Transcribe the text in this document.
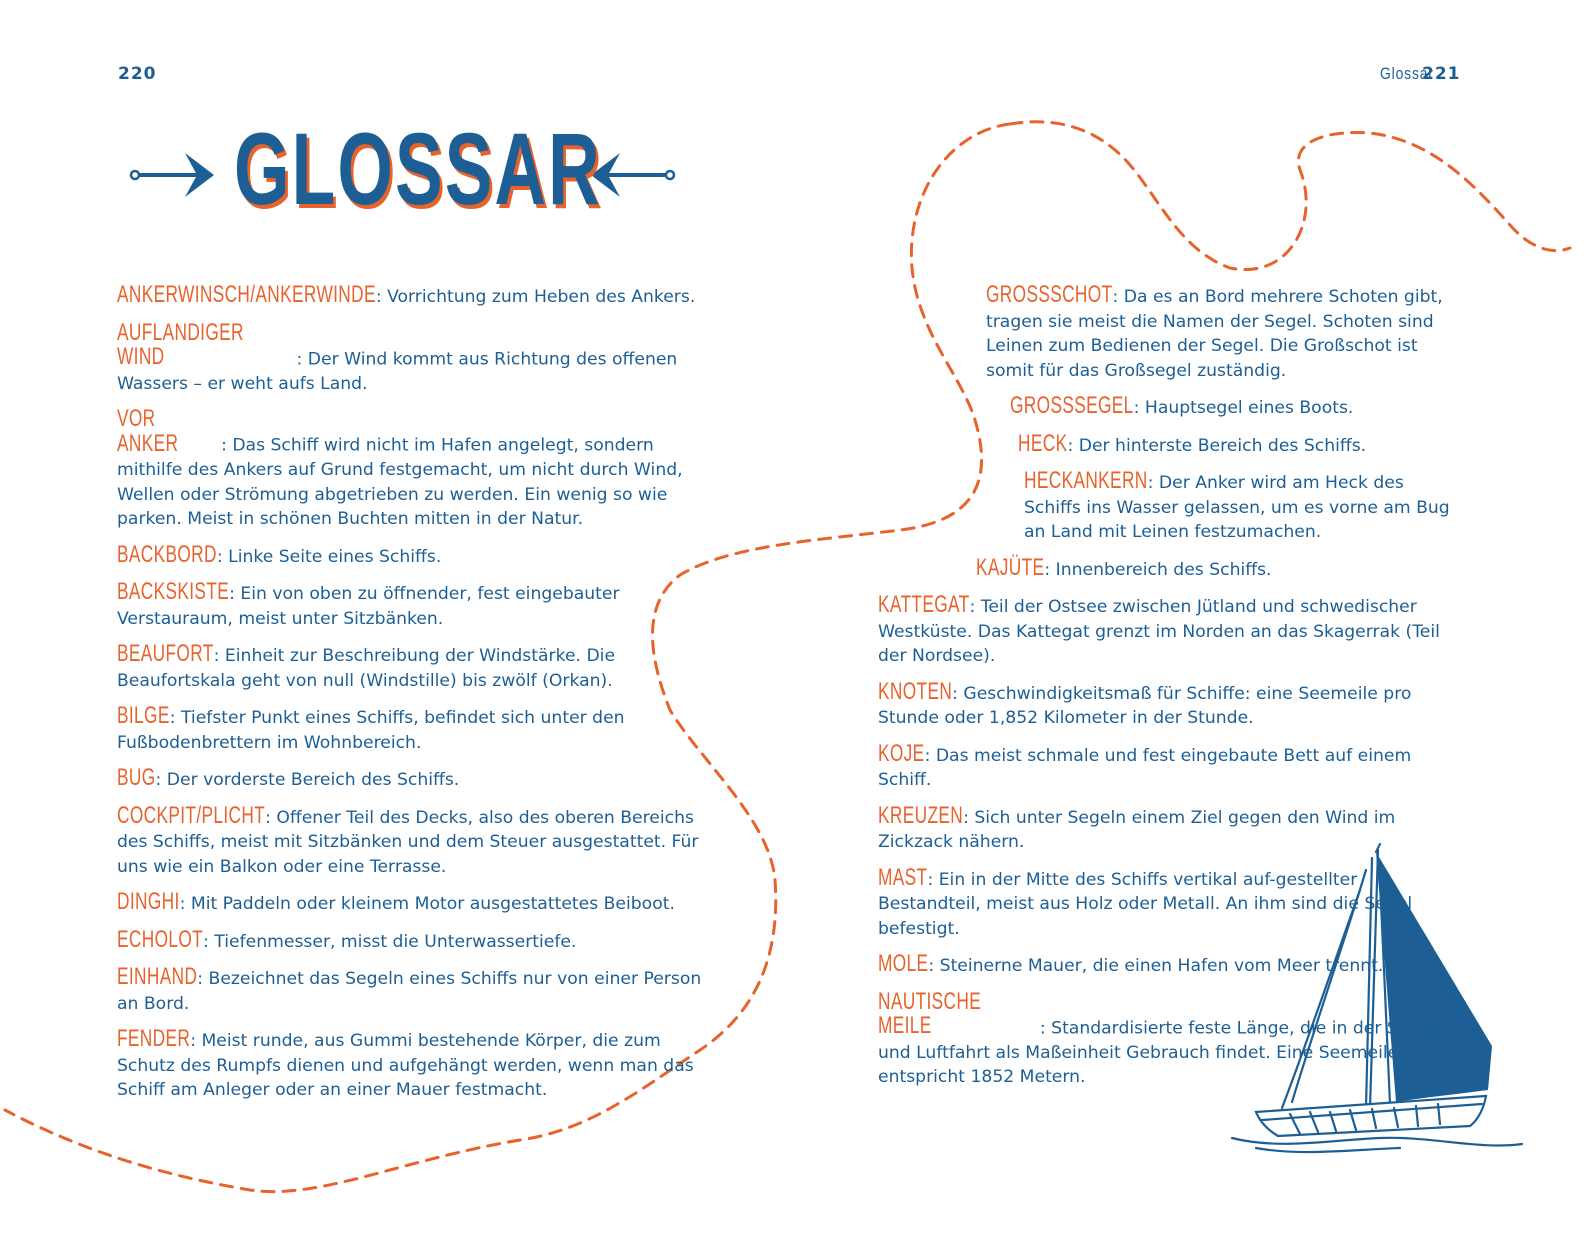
220	Glossar
221
GLOSSAR
ANKERWINSCH/ANKERWINDE: Vorrichtung zum Heben des Ankers.
AUFLANDIGER WIND	: Der Wind kommt aus Richtung des offenen Wassers – er weht aufs Land.
VOR ANKER : Das Schiff wird nicht im Hafen angelegt, sondern mithilfe des Ankers auf Grund festgemacht, um nicht durch Wind, Wellen oder Strömung abgetrieben zu werden. Ein wenig so wie parken. Meist in schönen Buchten mitten in der Natur.
BACKBORD: Linke Seite eines Schiffs.
BACKSKISTE: Ein von oben zu öffnender, fest eingebauter Verstauraum, meist unter Sitzbänken.
BEAUFORT: Einheit zur Beschreibung der Windstärke. Die Beaufortskala geht von null (Windstille) bis zwölf (Orkan).
BILGE: Tiefster Punkt eines Schiffs, befindet sich unter den Fußbodenbrettern im Wohnbereich.
BUG: Der vorderste Bereich des Schiffs.
COCKPIT/PLICHT: Offener Teil des Decks, also des oberen Bereichs des Schiffs, meist mit Sitzbänken und dem Steuer ausgestattet. Für uns wie ein Balkon oder eine Terrasse.
DINGHI: Mit Paddeln oder kleinem Motor ausgestattetes Beiboot.
ECHOLOT: Tiefenmesser, misst die Unterwassertiefe.
EINHAND: Bezeichnet das Segeln eines Schiffs nur von einer Person an Bord.
FENDER: Meist runde, aus Gummi bestehende Körper, die zum Schutz des Rumpfs dienen und aufgehängt werden, wenn man das Schiff am Anleger oder an einer Mauer festmacht.
GROSSSCHOT: Da es an Bord mehrere Schoten gibt, tragen sie meist die Namen der Segel. Schoten sind Leinen zum Bedienen der Segel. Die Großschot ist somit für das Großsegel zuständig.
GROSSSEGEL: Hauptsegel eines Boots.
HECK: Der hinterste Bereich des Schiffs.
HECKANKERN: Der Anker wird am Heck des Schiffs ins Wasser gelassen, um es vorne am Bug an Land mit Leinen festzumachen.
KAJÜTE: Innenbereich des Schiffs.
KATTEGAT: Teil der Ostsee zwischen Jütland und schwedischer Westküste. Das Kattegat grenzt im Norden an das Skagerrak (Teil der Nordsee).
KNOTEN: Geschwindigkeitsmaß für Schiffe: eine Seemeile pro Stunde oder 1,852 Kilometer in der Stunde.
KOJE: Das meist schmale und fest eingebaute Bett auf einem Schiff.
KREUZEN: Sich unter Segeln einem Ziel gegen den Wind im Zickzack nähern.
MAST: Ein in der Mitte des Schiffs vertikal auf-gestellter Bestandteil, meist aus Holz oder Metall. An ihm sind die Segel befestigt.
MOLE: Steinerne Mauer, die einen Hafen vom Meer trennt.
NAUTISCHE MEILE	: Standardisierte feste Länge, die in der Schiff- und Luftfahrt als Maßeinheit Gebrauch findet. Eine Seemeile entspricht 1852 Metern.
